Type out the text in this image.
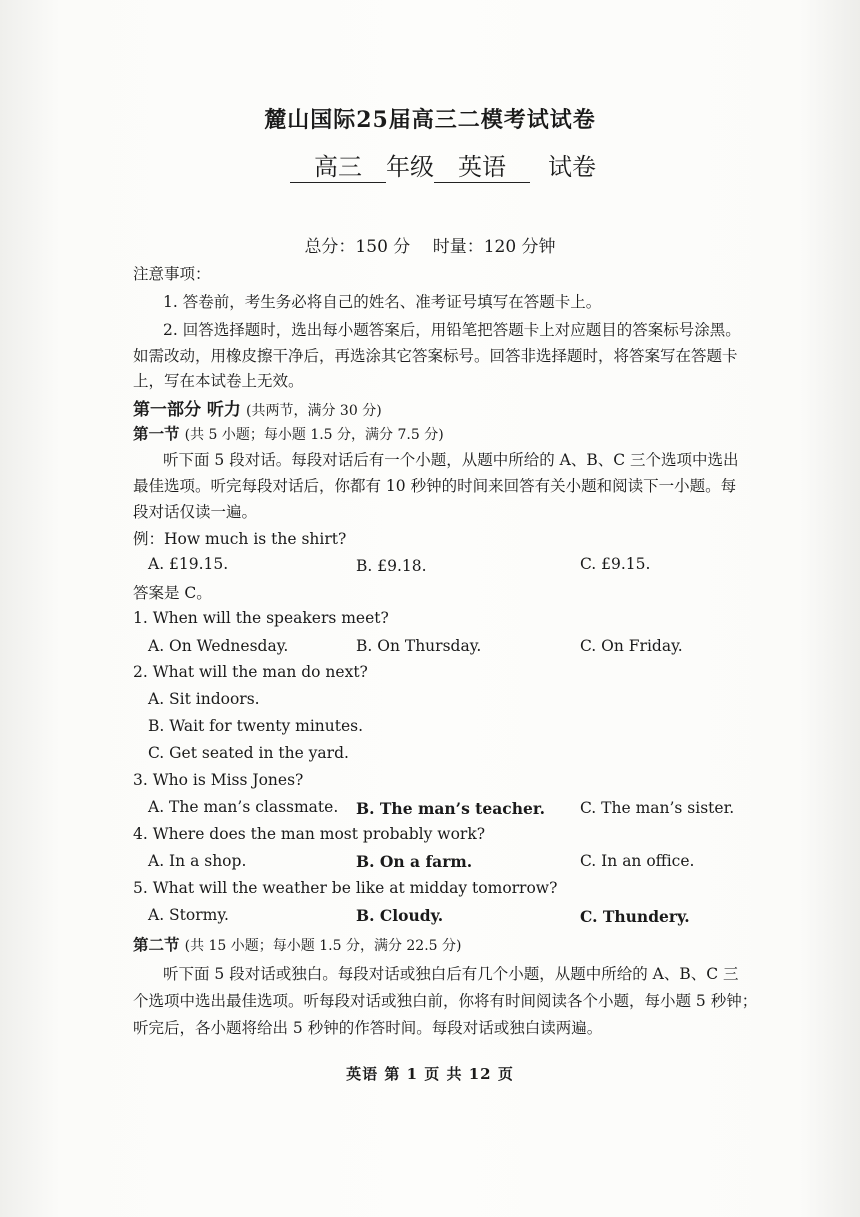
麓山国际25届高三二模考试试卷
高三 年级 英语 试卷
总分：150 分　 时量：120 分钟
注意事项：
1. 答卷前，考生务必将自己的姓名、准考证号填写在答题卡上。
2. 回答选择题时，选出每小题答案后，用铅笔把答题卡上对应题目的答案标号涂黑。
如需改动，用橡皮擦干净后，再选涂其它答案标号。回答非选择题时，将答案写在答题卡
上，写在本试卷上无效。
第一部分 听力 (共两节，满分 30 分)
第一节 (共 5 小题；每小题 1.5 分，满分 7.5 分)
听下面 5 段对话。每段对话后有一个小题，从题中所给的 A、B、C 三个选项中选出
最佳选项。听完每段对话后，你都有 10 秒钟的时间来回答有关小题和阅读下一小题。每
段对话仅读一遍。
例：How much is the shirt?
A. £19.15.	B. £9.18.	C. £9.15.
答案是 C。
1. When will the speakers meet?
A. On Wednesday.	B. On Thursday.	C. On Friday.
2. What will the man do next?
A. Sit indoors.
B. Wait for twenty minutes.
C. Get seated in the yard.
3. Who is Miss Jones?
A. The man’s classmate. B. The man’s teacher. C. The man’s sister.
4. Where does the man most probably work?
A. In a shop.	B. On a farm.	C. In an office.
5. What will the weather be like at midday tomorrow?
A. Stormy.	B. Cloudy.	C. Thundery.
第二节 (共 15 小题；每小题 1.5 分，满分 22.5 分)
听下面 5 段对话或独白。每段对话或独白后有几个小题，从题中所给的 A、B、C 三
个选项中选出最佳选项。听每段对话或独白前，你将有时间阅读各个小题，每小题 5 秒钟；
听完后，各小题将给出 5 秒钟的作答时间。每段对话或独白读两遍。
英语 第 1 页 共 12 页
